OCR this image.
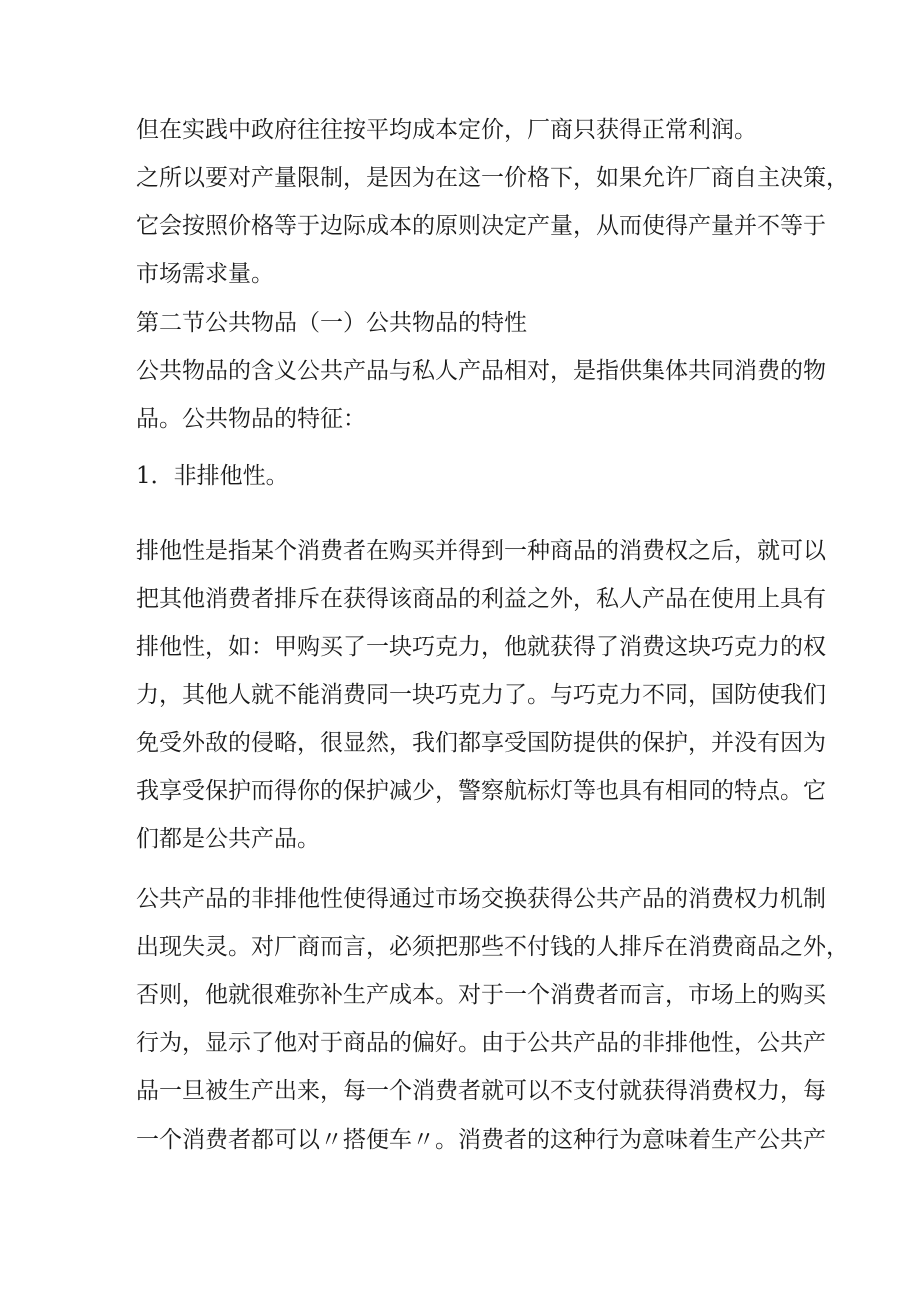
但在实践中政府往往按平均成本定价，厂商只获得正常利润。
之所以要对产量限制，是因为在这一价格下，如果允许厂商自主决策，
它会按照价格等于边际成本的原则决定产量，从而使得产量并不等于
市场需求量。
第二节公共物品（一）公共物品的特性
公共物品的含义公共产品与私人产品相对，是指供集体共同消费的物
品。公共物品的特征：
1．非排他性。
排他性是指某个消费者在购买并得到一种商品的消费权之后，就可以
把其他消费者排斥在获得该商品的利益之外，私人产品在使用上具有
排他性，如：甲购买了一块巧克力，他就获得了消费这块巧克力的权
力，其他人就不能消费同一块巧克力了。与巧克力不同，国防使我们
免受外敌的侵略，很显然，我们都享受国防提供的保护，并没有因为
我享受保护而得你的保护减少，警察航标灯等也具有相同的特点。它
们都是公共产品。
公共产品的非排他性使得通过市场交换获得公共产品的消费权力机制
出现失灵。对厂商而言，必须把那些不付钱的人排斥在消费商品之外，
否则，他就很难弥补生产成本。对于一个消费者而言，市场上的购买
行为，显示了他对于商品的偏好。由于公共产品的非排他性，公共产
品一旦被生产出来，每一个消费者就可以不支付就获得消费权力，每
一个消费者都可以〃搭便车〃。消费者的这种行为意味着生产公共产
